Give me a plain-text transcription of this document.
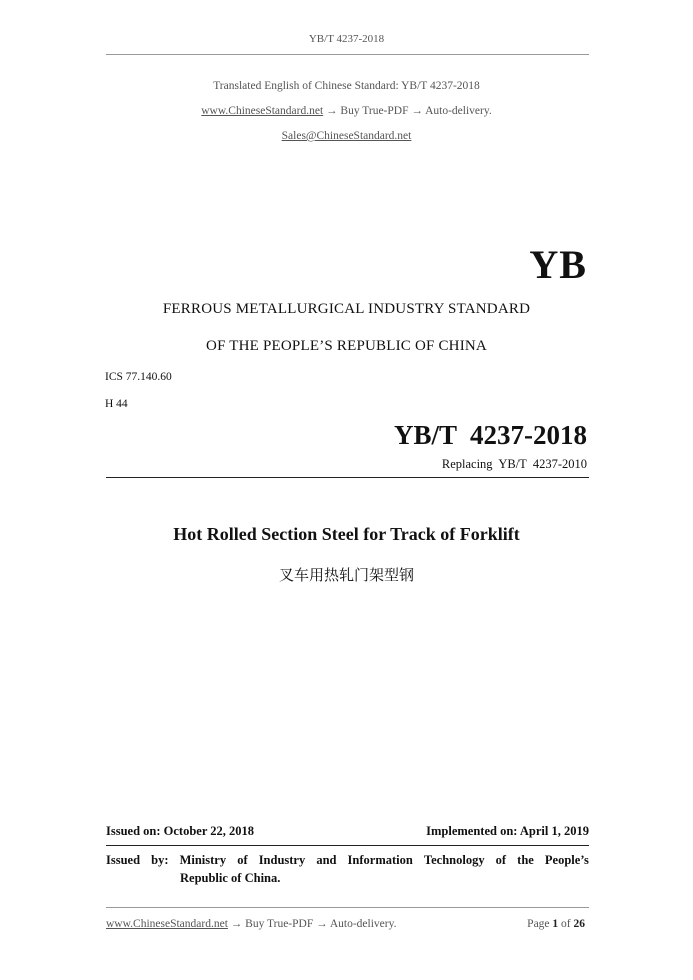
YB/T 4237-2018
Translated English of Chinese Standard: YB/T 4237-2018
www.ChineseStandard.net → Buy True-PDF → Auto-delivery.
Sales@ChineseStandard.net
YB
FERROUS METALLURGICAL INDUSTRY STANDARD
OF THE PEOPLE’S REPUBLIC OF CHINA
ICS 77.140.60
H 44
YB/T  4237-2018
Replacing  YB/T  4237-2010
Hot Rolled Section Steel for Track of Forklift
叉车用热轧门架型钢
Issued on: October 22, 2018	Implemented on: April 1, 2019
Issued by: Ministry of Industry and Information Technology of the People’s
Republic of China.
www.ChineseStandard.net → Buy True-PDF → Auto-delivery.	Page 1 of 26
